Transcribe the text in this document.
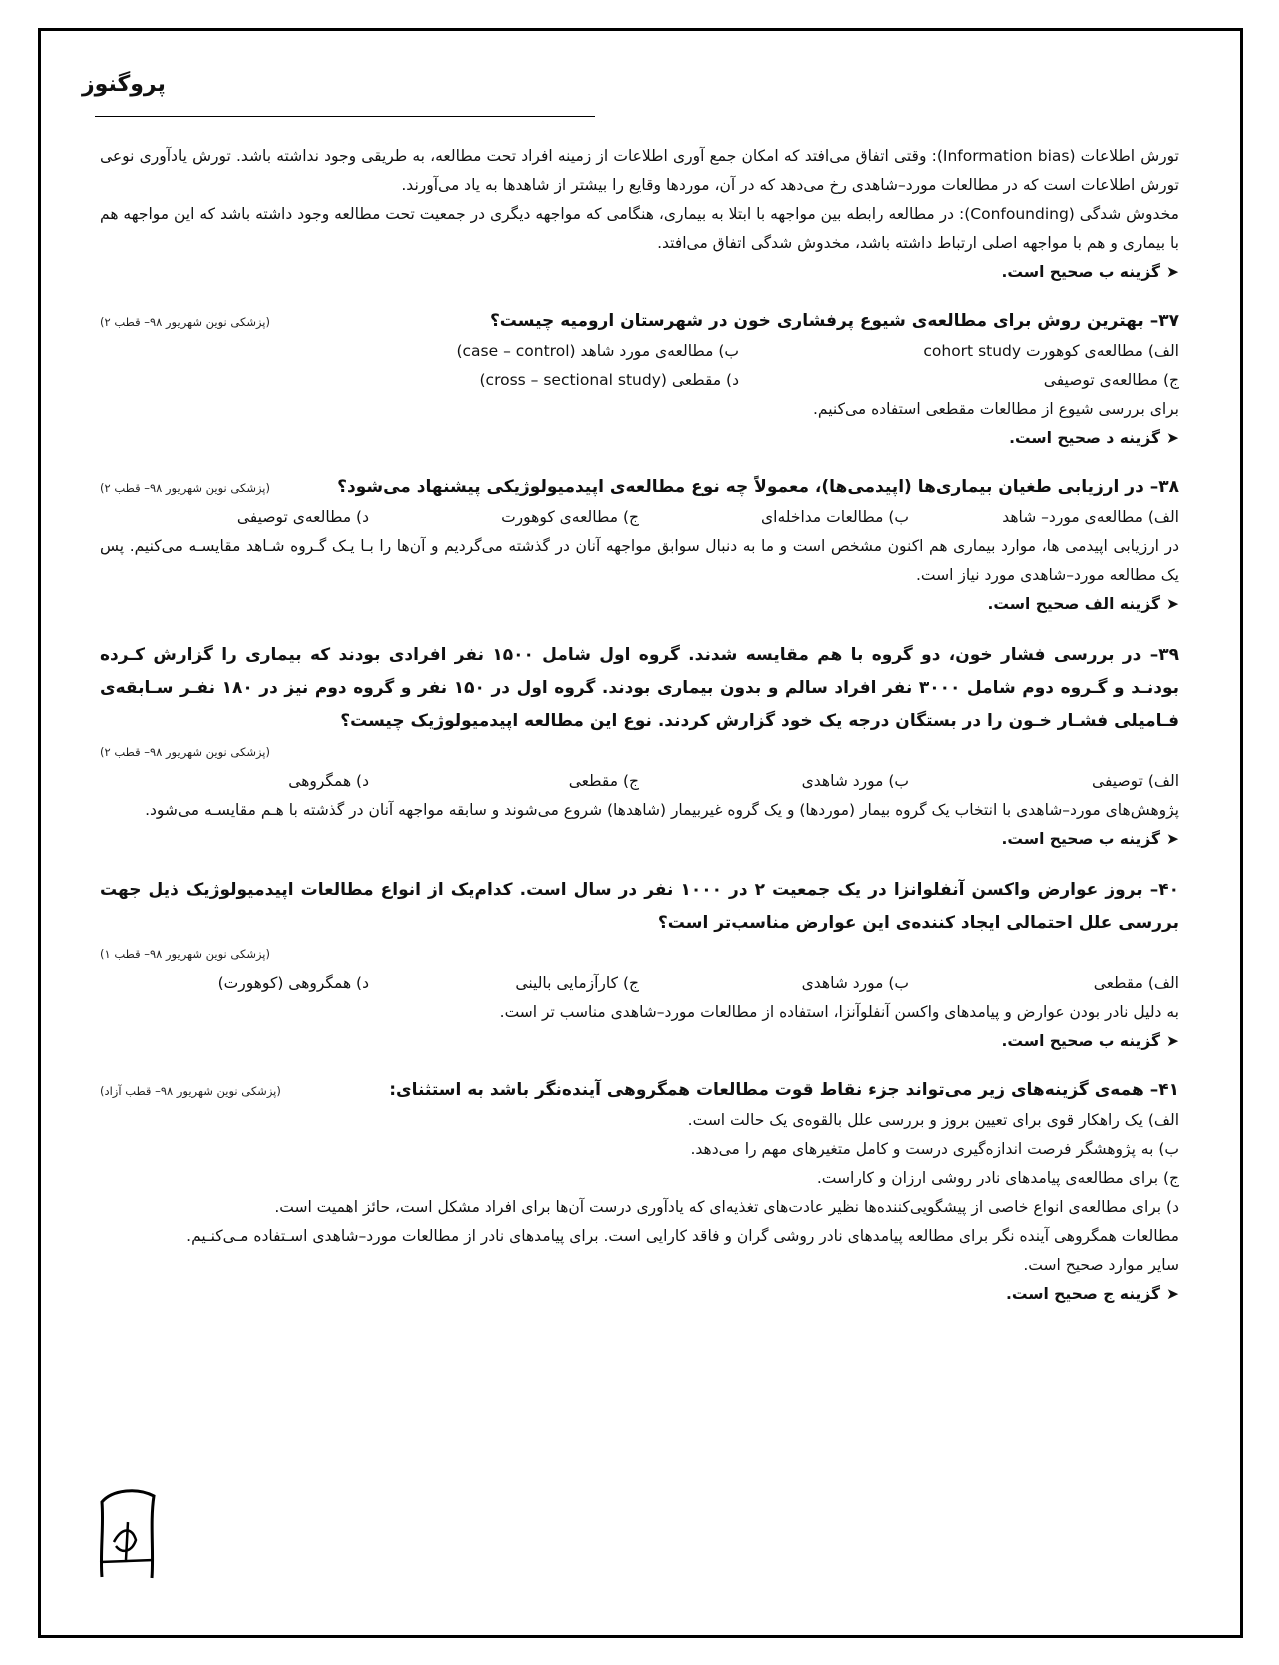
پروگنوز

تورش اطلاعات (Information bias): وقتی اتفاق می‌افتد که امکان جمع آوری اطلاعات از زمینه افراد تحت مطالعه، به طریقی وجود نداشته باشد. تورش یادآوری نوعی تورش اطلاعات است که در مطالعات مورد–شاهدی رخ می‌دهد که در آن، موردها وقایع را بیشتر از شاهدها به یاد می‌آورند.

مخدوش شدگی (Confounding): در مطالعه رابطه بین مواجهه با ابتلا به بیماری، هنگامی که مواجهه دیگری در جمعیت تحت مطالعه وجود داشته باشد که این مواجهه هم با بیماری و هم با مواجهه اصلی ارتباط داشته باشد، مخدوش شدگی اتفاق می‌افتد.

➤گزینه ب صحیح است.

۳۷– بهترین روش برای مطالعه‌ی شیوع پرفشاری خون در شهرستان ارومیه چیست؟
(پزشکی نوین شهریور ۹۸– قطب ۲)
الف) مطالعه‌ی کوهورت cohort study
ب) مطالعه‌ی مورد شاهد (case – control)
ج) مطالعه‌ی توصیفی
د) مقطعی (cross – sectional study)

برای بررسی شیوع از مطالعات مقطعی استفاده می‌کنیم.

➤گزینه د صحیح است.

۳۸– در ارزیابی طغیان بیماری‌ها (اپیدمی‌ها)، معمولاً چه نوع مطالعه‌ی اپیدمیولوژیکی پیشنهاد می‌شود؟
(پزشکی نوین شهریور ۹۸– قطب ۲)
الف) مطالعه‌ی مورد– شاهد
ب) مطالعات مداخله‌ای
ج) مطالعه‌ی کوهورت
د) مطالعه‌ی توصیفی

در ارزیابی اپیدمی ها، موارد بیماری هم اکنون مشخص است و ما به دنبال سوابق مواجهه آنان در گذشته می‌گردیم و آن‌ها را بـا یـک گـروه شـاهد مقایسـه می‌کنیم. پس یک مطالعه مورد–شاهدی مورد نیاز است.

➤گزینه الف صحیح است.

۳۹– در بررسی فشار خون، دو گروه با هم مقایسه شدند. گروه اول شامل ۱۵۰۰ نفر افرادی بودند که بیماری را گزارش کـرده بودنـد و گـروه دوم شامل ۳۰۰۰ نفر افراد سالم و بدون بیماری بودند. گروه اول در ۱۵۰ نفر و گروه دوم نیز در ۱۸۰ نفـر سـابقه‌ی فـامیلی فشـار خـون را در بستگان درجه یک خود گزارش کردند. نوع این مطالعه اپیدمیولوژیک چیست؟
(پزشکی نوین شهریور ۹۸– قطب ۲)
الف) توصیفی
ب) مورد شاهدی
ج) مقطعی
د) همگروهی

پژوهش‌های مورد–شاهدی با انتخاب یک گروه بیمار (موردها) و یک گروه غیربیمار (شاهدها) شروع می‌شوند و سابقه مواجهه آنان در گذشته با هـم مقایسـه می‌شود.

➤گزینه ب صحیح است.

۴۰– بروز عوارض واکسن آنفلوانزا در یک جمعیت ۲ در ۱۰۰۰ نفر در سال است. کدام‌یک از انواع مطالعات اپیدمیولوژیک ذیل جهت بررسی علل احتمالی ایجاد کننده‌ی این عوارض مناسب‌تر است؟
(پزشکی نوین شهریور ۹۸– قطب ۱)
الف) مقطعی
ب) مورد شاهدی
ج) کارآزمایی بالینی
د) همگروهی (کوهورت)

به دلیل نادر بودن عوارض و پیامدهای واکسن آنفلوآنزا، استفاده از مطالعات مورد–شاهدی مناسب تر است.

➤گزینه ب صحیح است.

۴۱– همه‌ی گزینه‌های زیر می‌تواند جزء نقاط قوت مطالعات همگروهی آینده‌نگر باشد به استثنای:
(پزشکی نوین شهریور ۹۸– قطب آزاد)

الف) یک راهکار قوی برای تعیین بروز و بررسی علل بالقوه‌ی یک حالت است.

ب) به پژوهشگر فرصت اندازه‌گیری درست و کامل متغیرهای مهم را می‌دهد.

ج) برای مطالعه‌ی پیامدهای نادر روشی ارزان و کاراست.

د) برای مطالعه‌ی انواع خاصی از پیشگویی‌کننده‌ها نظیر عادت‌های تغذیه‌ای که یادآوری درست آن‌ها برای افراد مشکل است، حائز اهمیت است.

مطالعات همگروهی آینده نگر برای مطالعه پیامدهای نادر روشی گران و فاقد کارایی است. برای پیامدهای نادر از مطالعات مورد–شاهدی اسـتفاده مـی‌کنـیم.

سایر موارد صحیح است.

➤گزینه ج صحیح است.
